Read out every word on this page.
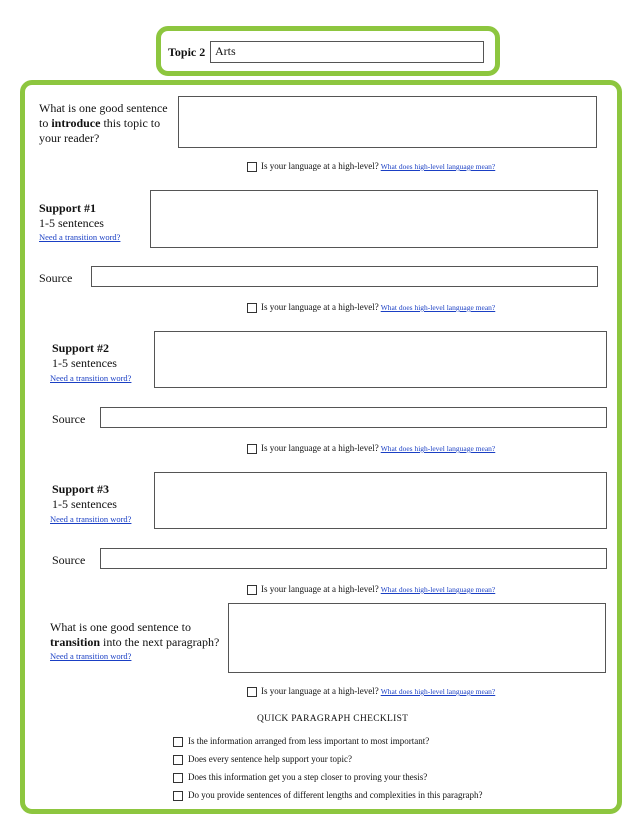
Topic 2 Arts
What is one good sentence
to introduce this topic to
your reader?
Is your language at a high-level? What does high-level language mean?
Support #1
1-5 sentences
Need a transition word?
Source
Is your language at a high-level? What does high-level language mean?
Support #2
1-5 sentences
Need a transition word?
Source
Is your language at a high-level? What does high-level language mean?
Support #3
1-5 sentences
Need a transition word?
Source
Is your language at a high-level? What does high-level language mean?
What is one good sentence to
transition into the next paragraph?
Need a transition word?
Is your language at a high-level? What does high-level language mean?
QUICK PARAGRAPH CHECKLIST
Is the information arranged from less important to most important?
Does every sentence help support your topic?
Does this information get you a step closer to proving your thesis?
Do you provide sentences of different lengths and complexities in this paragraph?
